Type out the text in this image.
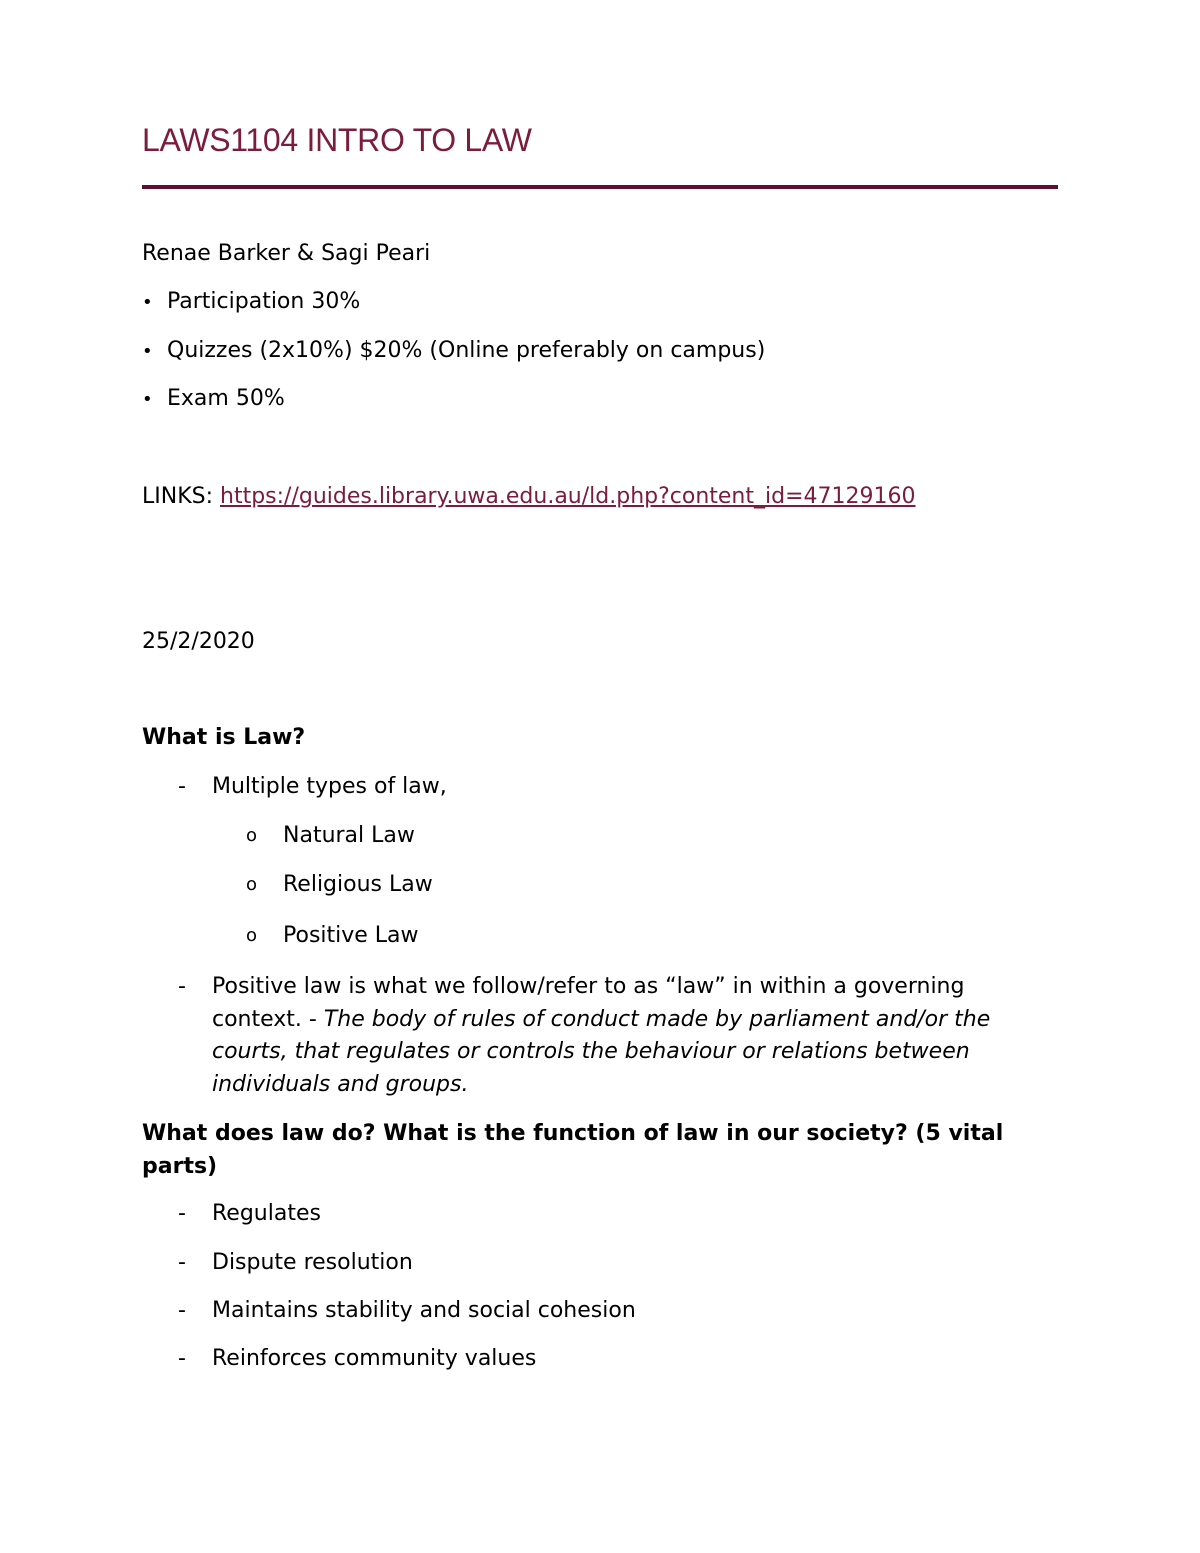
LAWS1104 INTRO TO LAW
Renae Barker & Sagi Peari
• Participation 30%
• Quizzes (2x10%) $20% (Online preferably on campus)
• Exam 50%
LINKS: https://guides.library.uwa.edu.au/ld.php?content_id=47129160
25/2/2020
What is Law?
- Multiple types of law,
o Natural Law
o Religious Law
o Positive Law
- Positive law is what we follow/refer to as “law” in within a governing context. - The body of rules of conduct made by parliament and/or the courts, that regulates or controls the behaviour or relations between individuals and groups.
What does law do? What is the function of law in our society? (5 vital parts)
- Regulates
- Dispute resolution
- Maintains stability and social cohesion
- Reinforces community values
